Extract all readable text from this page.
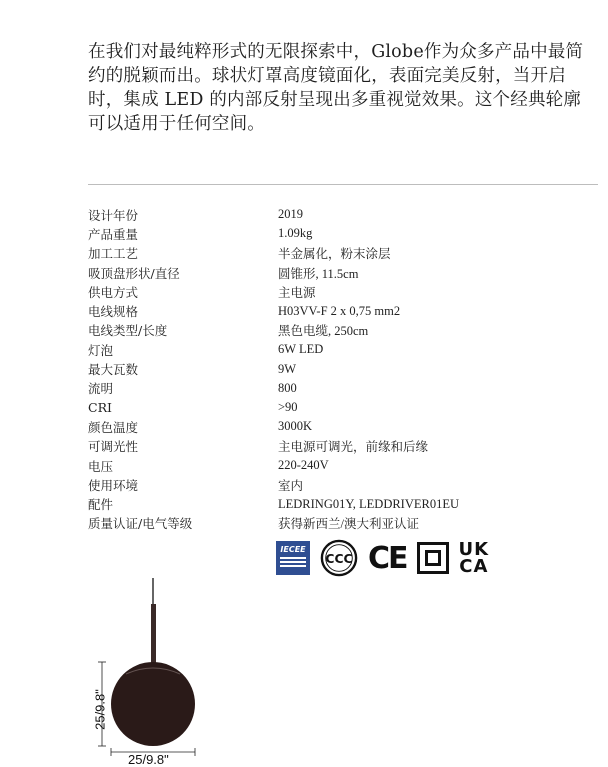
在我们对最纯粹形式的无限探索中，Globe作为众多产品中最简约的脱颖而出。球状灯罩高度镜面化，表面完美反射，当开启时，集成 LED 的内部反射呈现出多重视觉效果。这个经典轮廓可以适用于任何空间。
设计年份	2019
产品重量	1.09kg
加工工艺	半金属化，粉末涂层
吸顶盘形状/直径	圆锥形, 11.5cm
供电方式	主电源
电线规格	H03VV-F 2 x 0,75 mm2
电线类型/长度	黑色电缆, 250cm
灯泡	6W LED
最大瓦数	9W
流明	800
CRI	>90
颜色温度	3000K
可调光性	主电源可调光，前缘和后缘
电压	220-240V
使用环境	室内
配件	LEDRING01Y, LEDDRIVER01EU
质量认证/电气等级	获得新西兰/澳大利亚认证
IECEE
CCC CE	UK
CA
25/9.8"
25/9.8"
